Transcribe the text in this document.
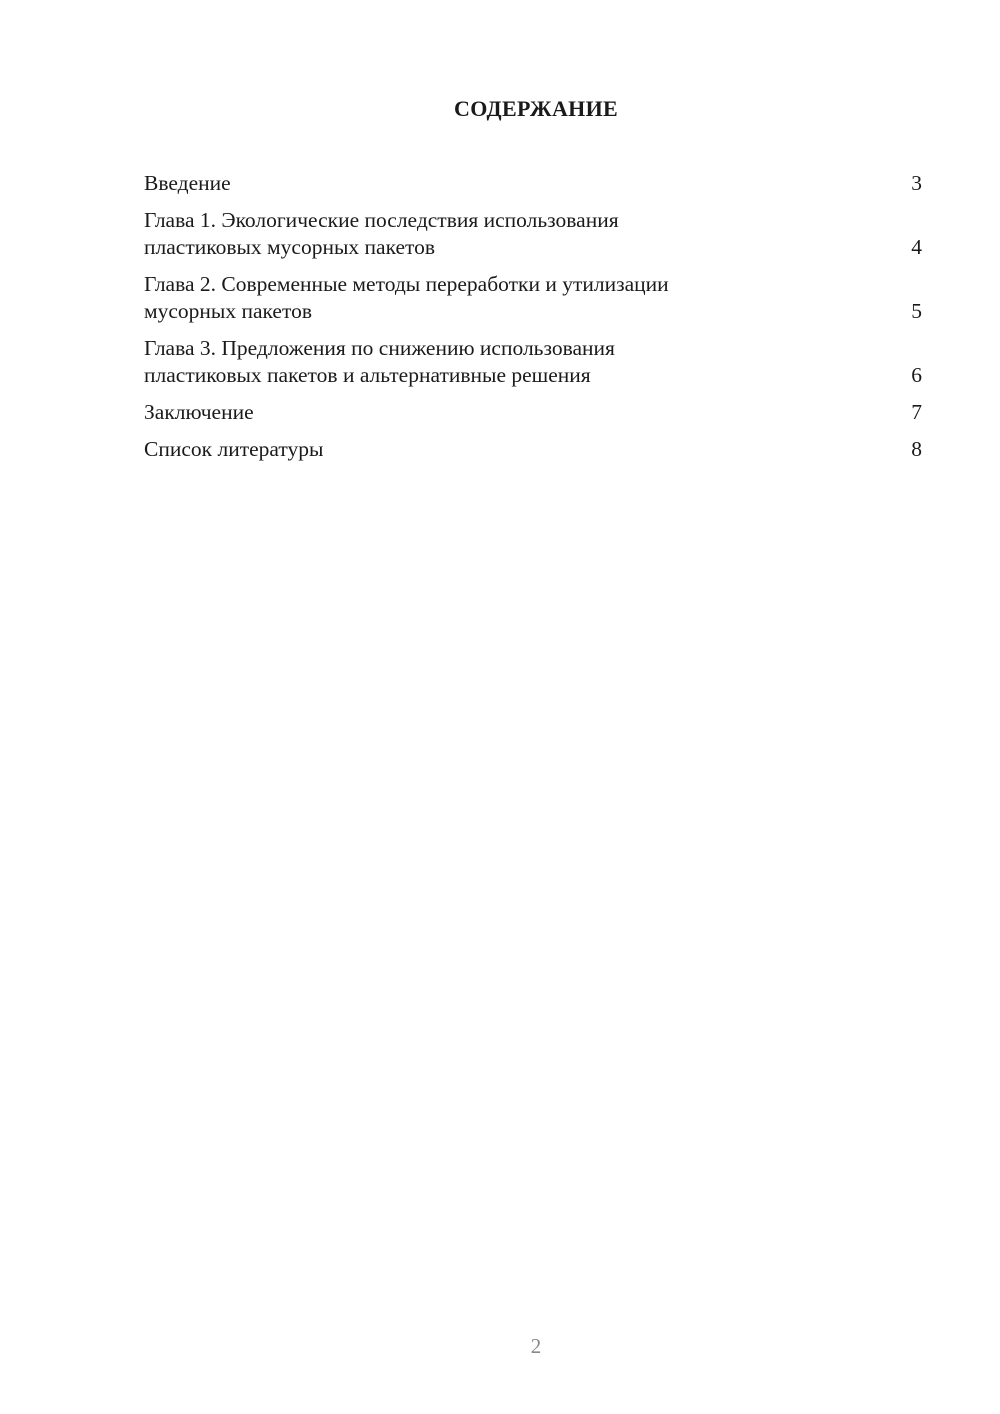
СОДЕРЖАНИЕ
Введение	3
Глава 1. Экологические последствия использования
пластиковых мусорных пакетов	4
Глава 2. Современные методы переработки и утилизации
мусорных пакетов	5
Глава 3. Предложения по снижению использования
пластиковых пакетов и альтернативные решения	6
Заключение	7
Список литературы	8
2
